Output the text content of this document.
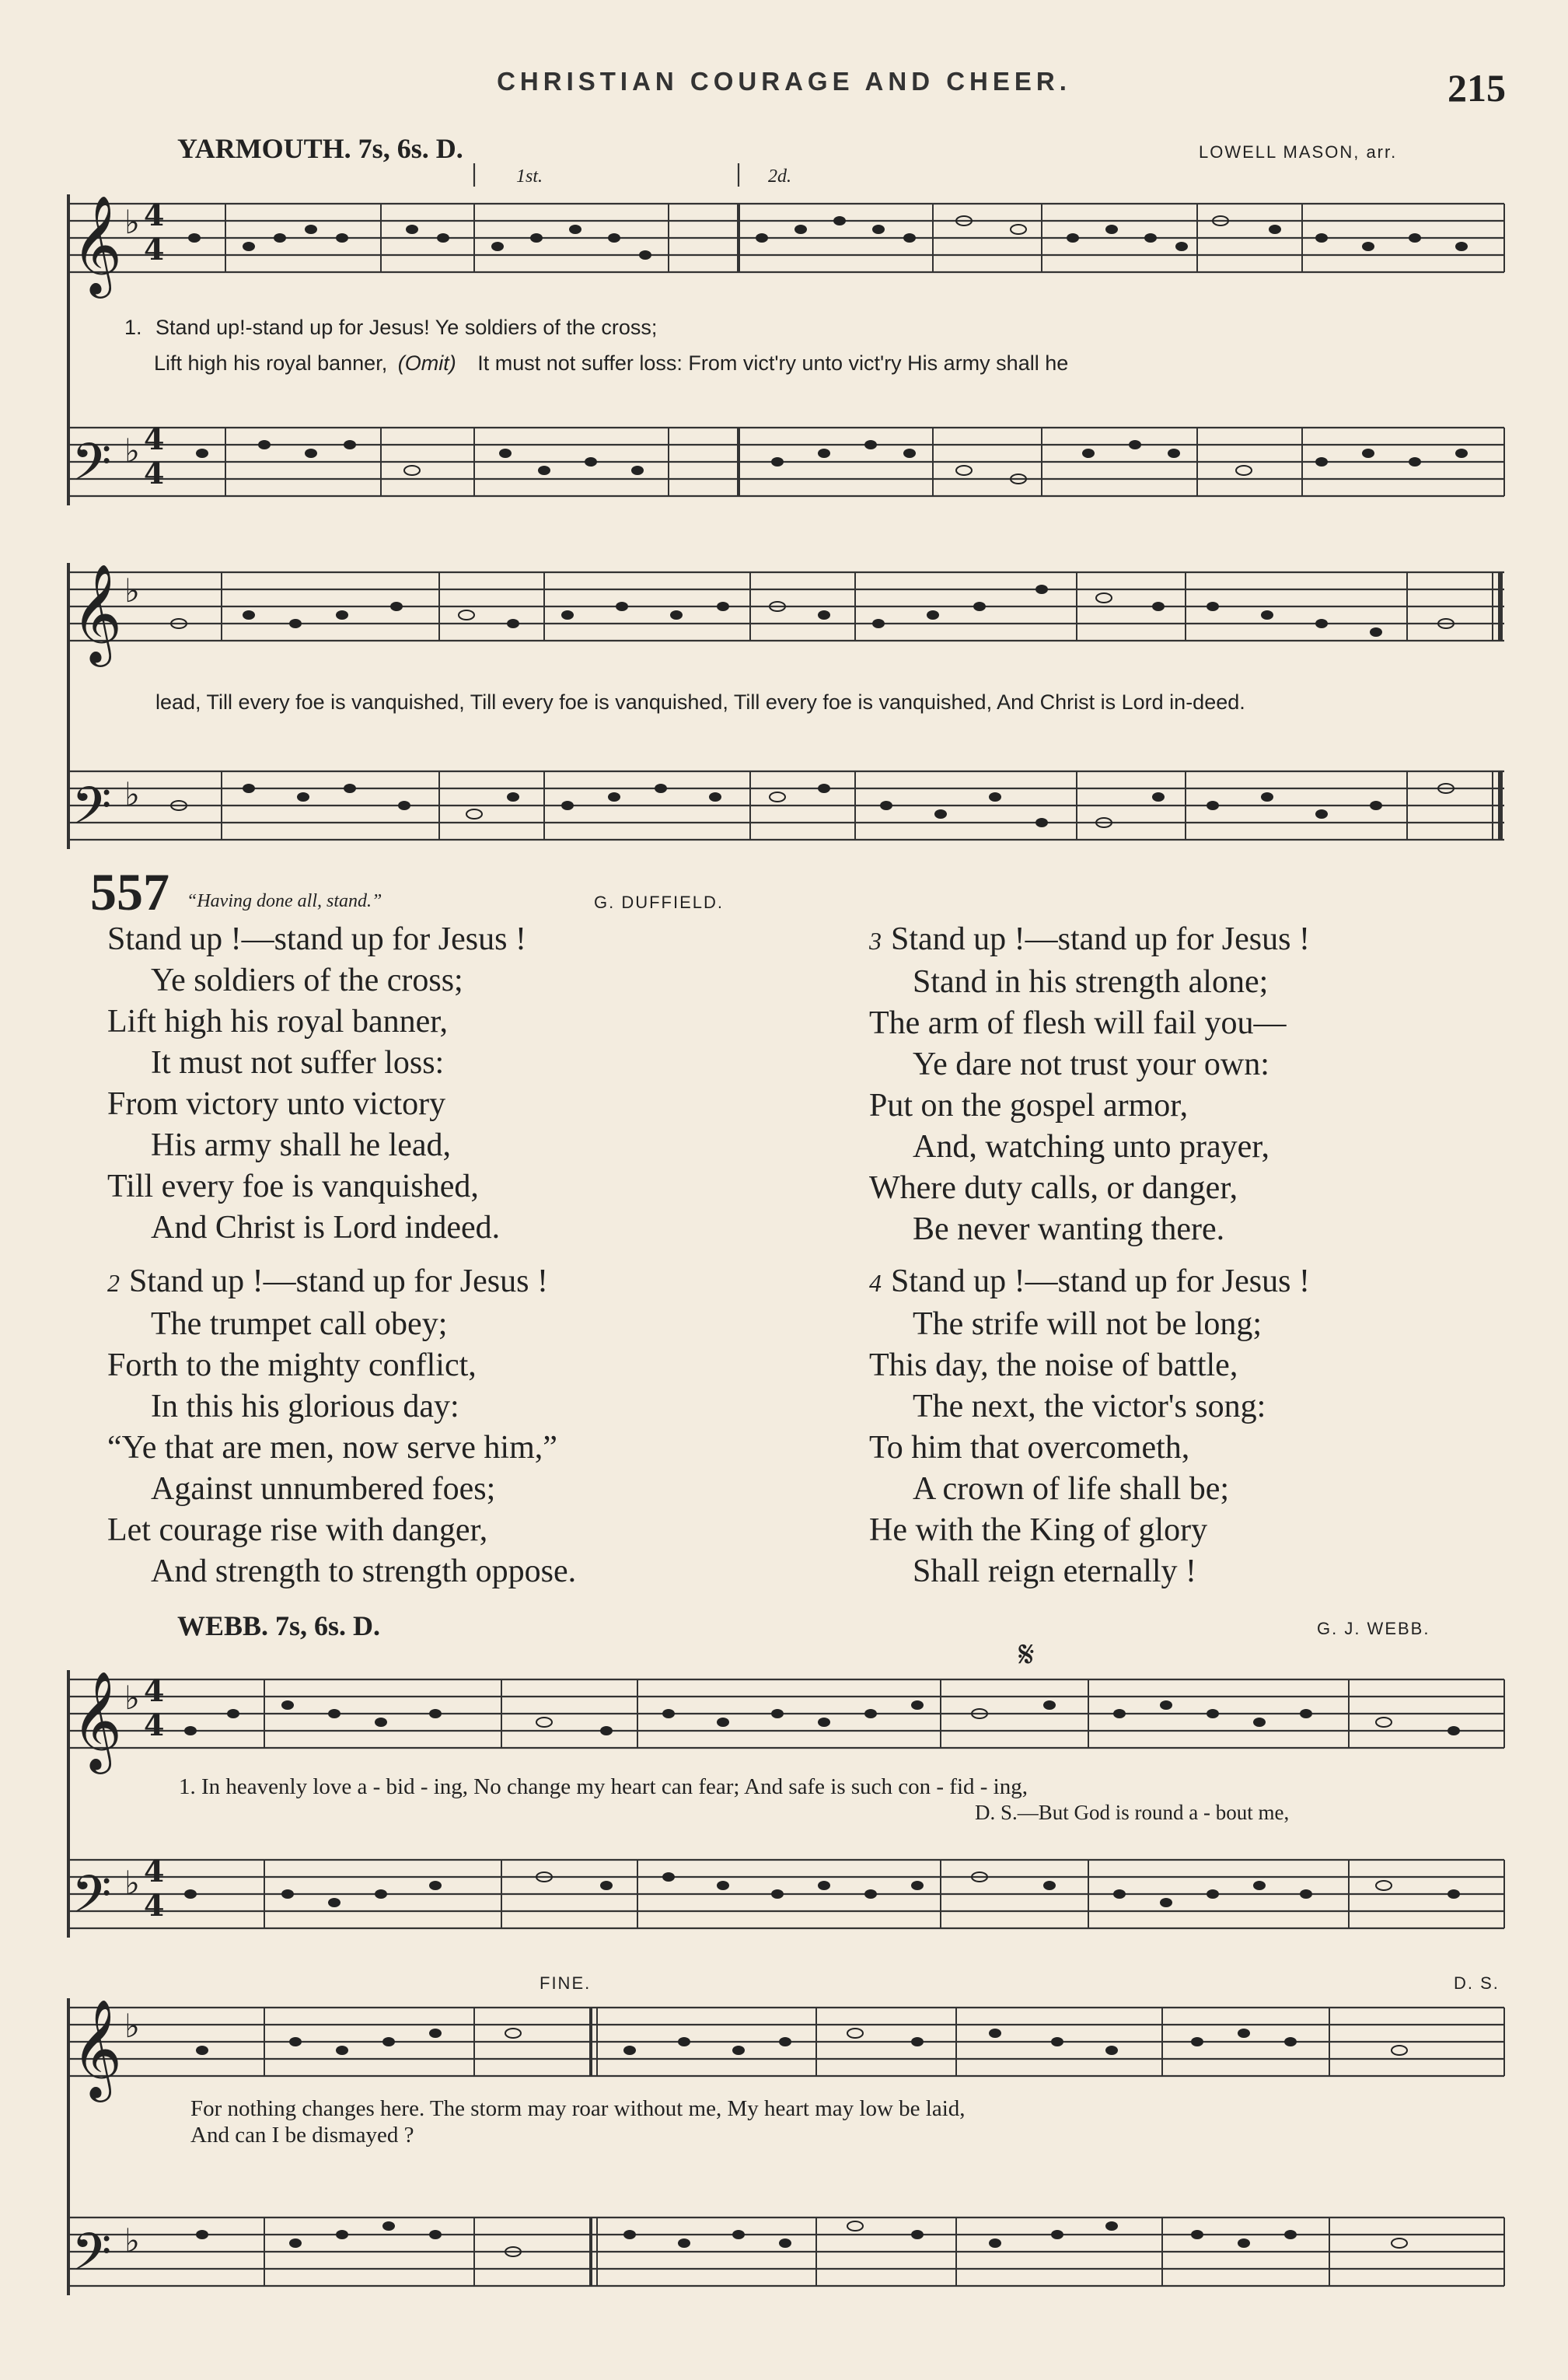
CHRISTIAN COURAGE AND CHEER.	215
YARMOUTH. 7s, 6s. D.	LOWELL MASON, arr.
1st.	2d.
𝄞
𝄢
𝄞
𝄢
𝄞
𝄢
𝄞
𝄢
4
4
4
4
4
4
4
4
♭
♭
♭
♭
♭
♭
♭
♭
𝄋
1. Stand up!-stand up for Jesus! Ye soldiers of the cross;
Lift high his royal banner, (Omit) It must not suffer loss: From vict'ry unto vict'ry His army shall he
lead, Till every foe is vanquished, Till every foe is vanquished, Till every foe is vanquished, And Christ is Lord in-deed.
557 “Having done all, stand.”	G. DUFFIELD.
Stand up !—stand up for Jesus !
Ye soldiers of the cross;
Lift high his royal banner,
It must not suffer loss:
From victory unto victory
His army shall he lead,
Till every foe is vanquished,
And Christ is Lord indeed.
2 Stand up !—stand up for Jesus !
The trumpet call obey;
Forth to the mighty conflict,
In this his glorious day:
“Ye that are men, now serve him,”
Against unnumbered foes;
Let courage rise with danger,
And strength to strength oppose.
3 Stand up !—stand up for Jesus !
Stand in his strength alone;
The arm of flesh will fail you—
Ye dare not trust your own:
Put on the gospel armor,
And, watching unto prayer,
Where duty calls, or danger,
Be never wanting there.
4 Stand up !—stand up for Jesus !
The strife will not be long;
This day, the noise of battle,
The next, the victor's song:
To him that overcometh,
A crown of life shall be;
He with the King of glory
Shall reign eternally !
WEBB. 7s, 6s. D.	G. J. WEBB.
1. In heavenly love a - bid - ing, No change my heart can fear; And safe is such con - fid - ing,
D. S.—But God is round a - bout me,
FINE.	D. S.
For nothing changes here. The storm may roar without me, My heart may low be laid,
And can I be dismayed ?
